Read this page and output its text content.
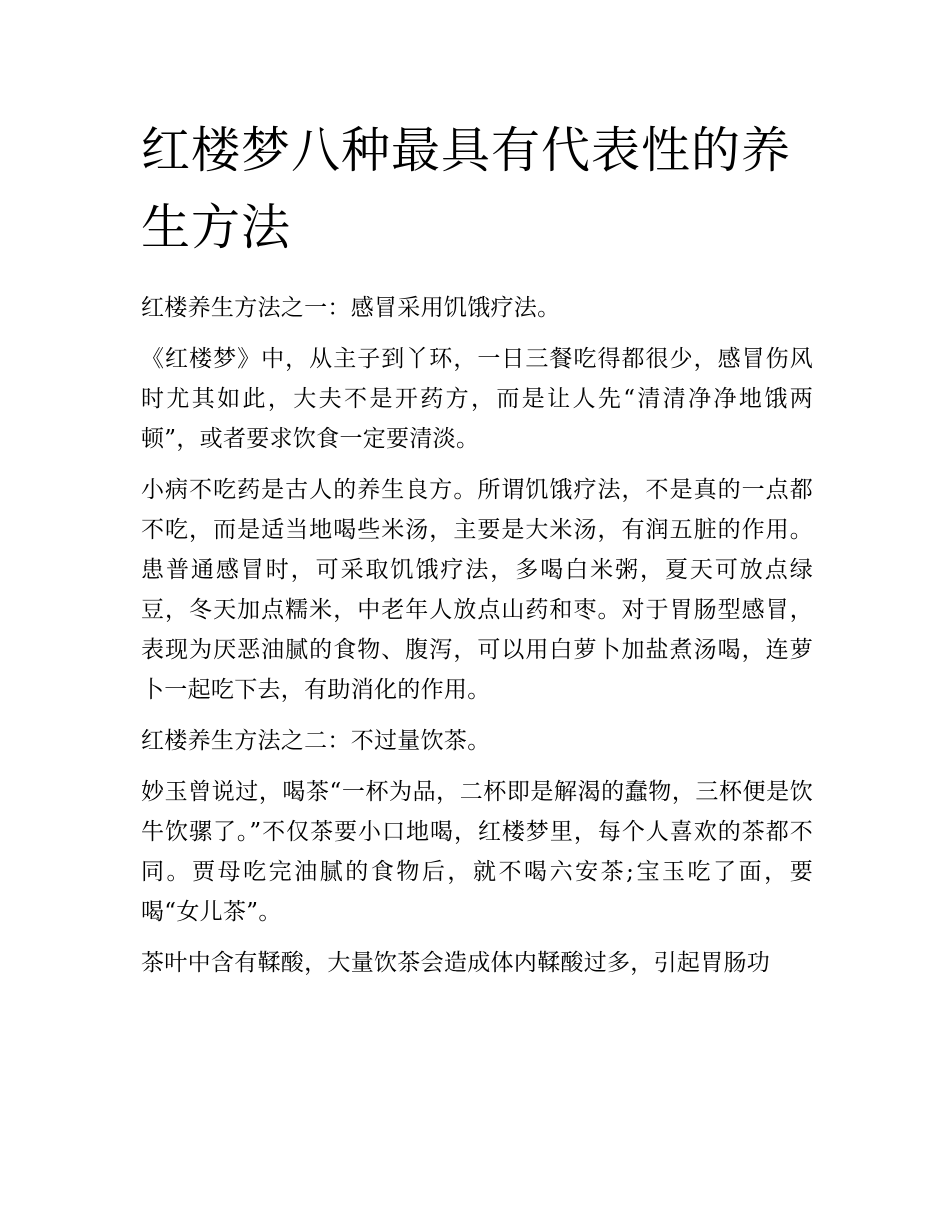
红楼梦八种最具有代表性的养生方法

红楼养生方法之一：感冒采用饥饿疗法。

《红楼梦》中，从主子到丫环，一日三餐吃得都很少，感冒伤风时尤其如此，大夫不是开药方，而是让人先“清清净净地饿两顿”，或者要求饮食一定要清淡。

小病不吃药是古人的养生良方。所谓饥饿疗法，不是真的一点都不吃，而是适当地喝些米汤，主要是大米汤，有润五脏的作用。患普通感冒时，可采取饥饿疗法，多喝白米粥，夏天可放点绿豆，冬天加点糯米，中老年人放点山药和枣。对于胃肠型感冒，表现为厌恶油腻的食物、腹泻，可以用白萝卜加盐煮汤喝，连萝卜一起吃下去，有助消化的作用。

红楼养生方法之二：不过量饮茶。

妙玉曾说过，喝茶“一杯为品，二杯即是解渴的蠢物，三杯便是饮牛饮骡了。”不仅茶要小口地喝，红楼梦里，每个人喜欢的茶都不同。贾母吃完油腻的食物后，就不喝六安茶;宝玉吃了面，要喝“女儿茶”。

茶叶中含有鞣酸，大量饮茶会造成体内鞣酸过多，引起胃肠功
